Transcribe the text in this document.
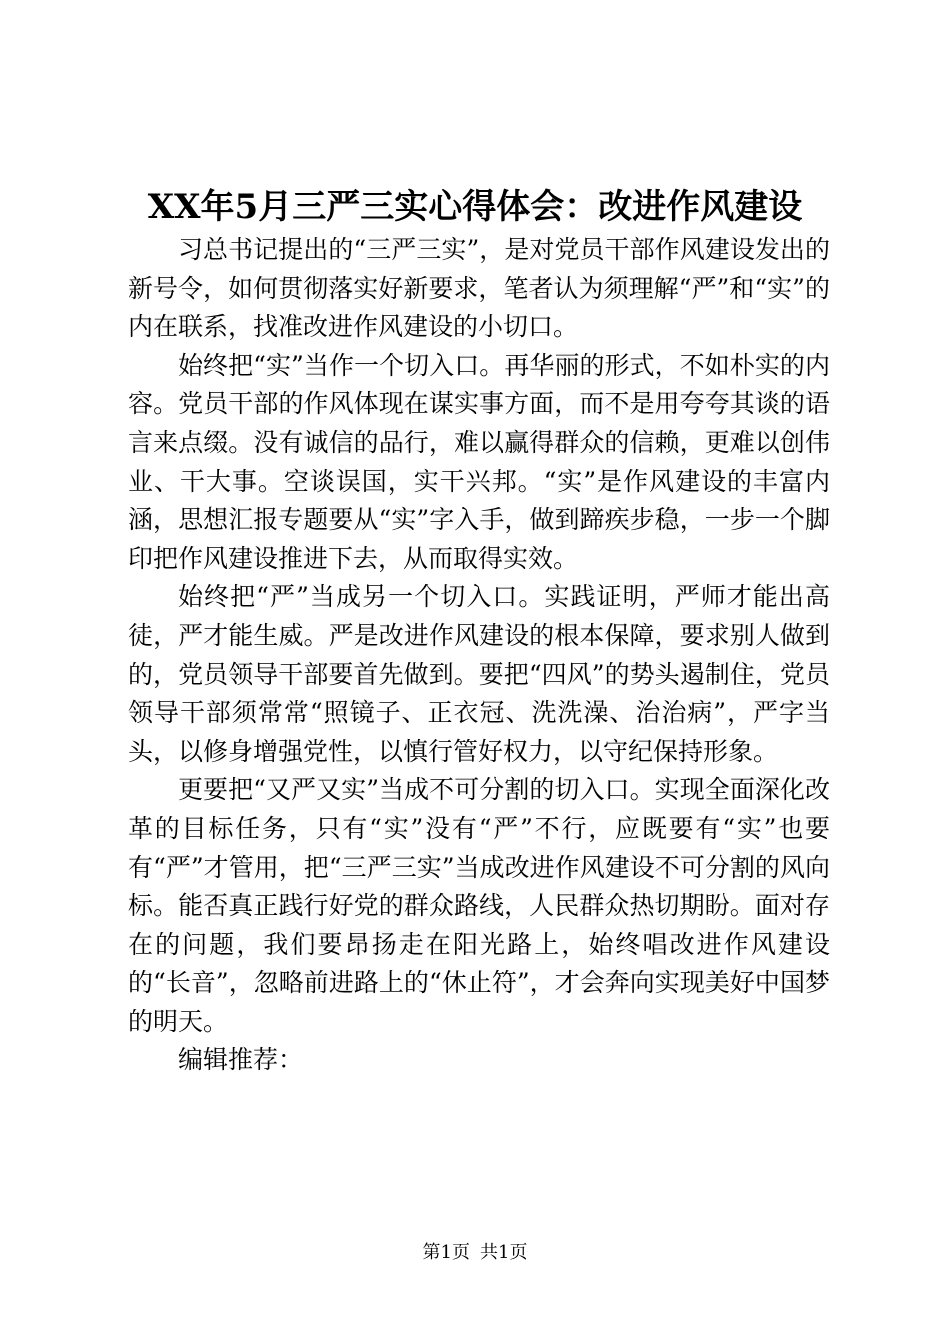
XX年5月三严三实心得体会：改进作风建设

习总书记提出的“三严三实”，是对党员干部作风建设发出的新号令，如何贯彻落实好新要求，笔者认为须理解“严”和“实”的内在联系，找准改进作风建设的小切口。

始终把“实”当作一个切入口。再华丽的形式，不如朴实的内容。党员干部的作风体现在谋实事方面，而不是用夸夸其谈的语言来点缀。没有诚信的品行，难以赢得群众的信赖，更难以创伟业、干大事。空谈误国，实干兴邦。“实”是作风建设的丰富内涵，思想汇报专题要从“实”字入手，做到蹄疾步稳，一步一个脚印把作风建设推进下去，从而取得实效。

始终把“严”当成另一个切入口。实践证明，严师才能出高徒，严才能生威。严是改进作风建设的根本保障，要求别人做到的，党员领导干部要首先做到。要把“四风”的势头遏制住，党员领导干部须常常“照镜子、正衣冠、洗洗澡、治治病”，严字当头，以修身增强党性，以慎行管好权力，以守纪保持形象。

更要把“又严又实”当成不可分割的切入口。实现全面深化改革的目标任务，只有“实”没有“严”不行，应既要有“实”也要有“严”才管用，把“三严三实”当成改进作风建设不可分割的风向标。能否真正践行好党的群众路线，人民群众热切期盼。面对存在的问题，我们要昂扬走在阳光路上，始终唱改进作风建设的“长音”，忽略前进路上的“休止符”，才会奔向实现美好中国梦的明天。

编辑推荐：

第1页 共1页
